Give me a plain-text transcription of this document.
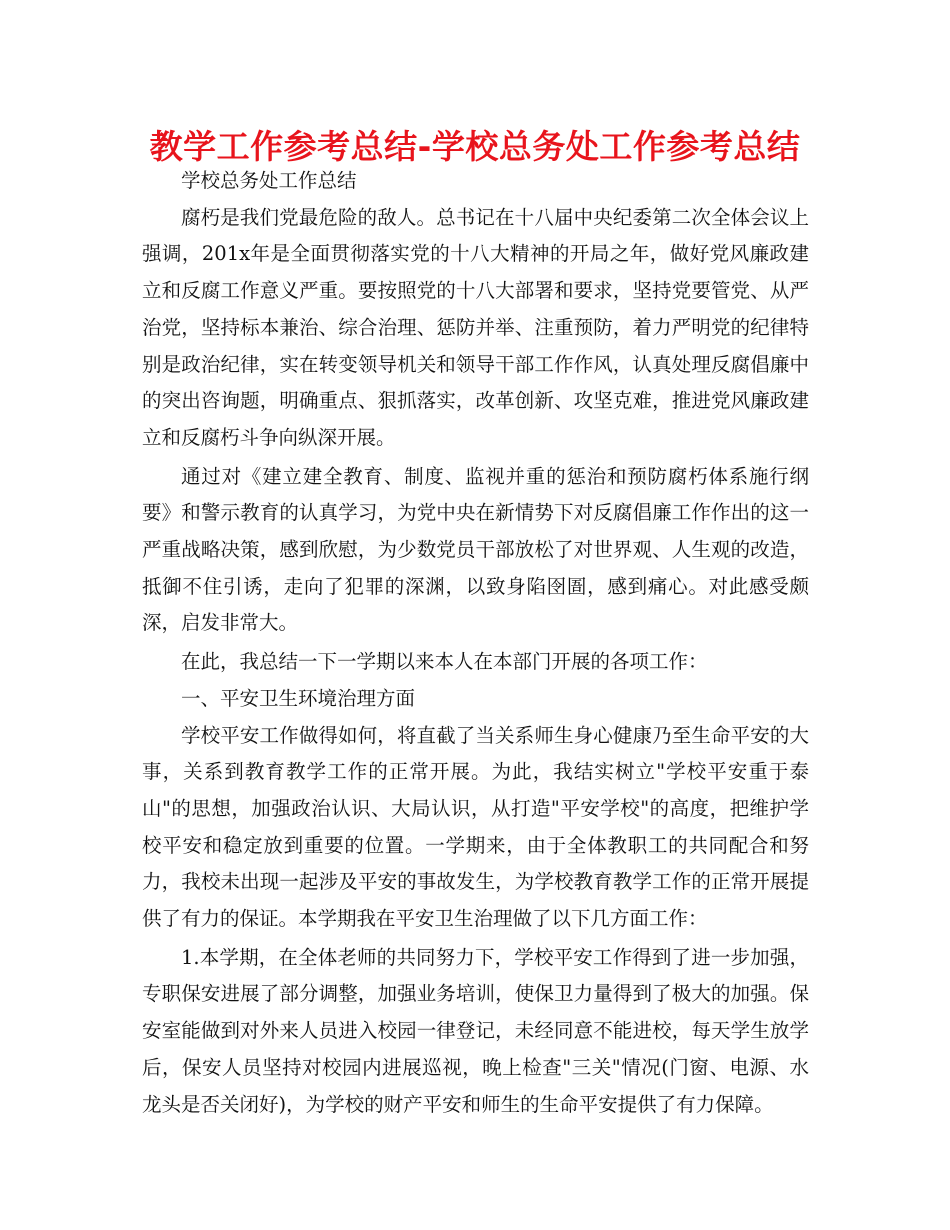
教学工作参考总结-学校总务处工作参考总结

学校总务处工作总结

腐朽是我们党最危险的敌人。总书记在十八届中央纪委第二次全体会议上强调，201x年是全面贯彻落实党的十八大精神的开局之年，做好党风廉政建立和反腐工作意义严重。要按照党的十八大部署和要求，坚持党要管党、从严治党，坚持标本兼治、综合治理、惩防并举、注重预防，着力严明党的纪律特别是政治纪律，实在转变领导机关和领导干部工作作风，认真处理反腐倡廉中的突出咨询题，明确重点、狠抓落实，改革创新、攻坚克难，推进党风廉政建立和反腐朽斗争向纵深开展。

通过对《建立建全教育、制度、监视并重的惩治和预防腐朽体系施行纲要》和警示教育的认真学习，为党中央在新情势下对反腐倡廉工作作出的这一严重战略决策，感到欣慰，为少数党员干部放松了对世界观、人生观的改造，抵御不住引诱，走向了犯罪的深渊，以致身陷囹圄，感到痛心。对此感受颇深，启发非常大。

在此，我总结一下一学期以来本人在本部门开展的各项工作：

一、平安卫生环境治理方面

学校平安工作做得如何，将直截了当关系师生身心健康乃至生命平安的大事，关系到教育教学工作的正常开展。为此，我结实树立"学校平安重于泰山"的思想，加强政治认识、大局认识，从打造"平安学校"的高度，把维护学校平安和稳定放到重要的位置。一学期来，由于全体教职工的共同配合和努力，我校未出现一起涉及平安的事故发生，为学校教育教学工作的正常开展提供了有力的保证。本学期我在平安卫生治理做了以下几方面工作：

1.本学期，在全体老师的共同努力下，学校平安工作得到了进一步加强，专职保安进展了部分调整，加强业务培训，使保卫力量得到了极大的加强。保安室能做到对外来人员进入校园一律登记，未经同意不能进校，每天学生放学后，保安人员坚持对校园内进展巡视，晚上检查"三关"情况(门窗、电源、水龙头是否关闭好)，为学校的财产平安和师生的生命平安提供了有力保障。
